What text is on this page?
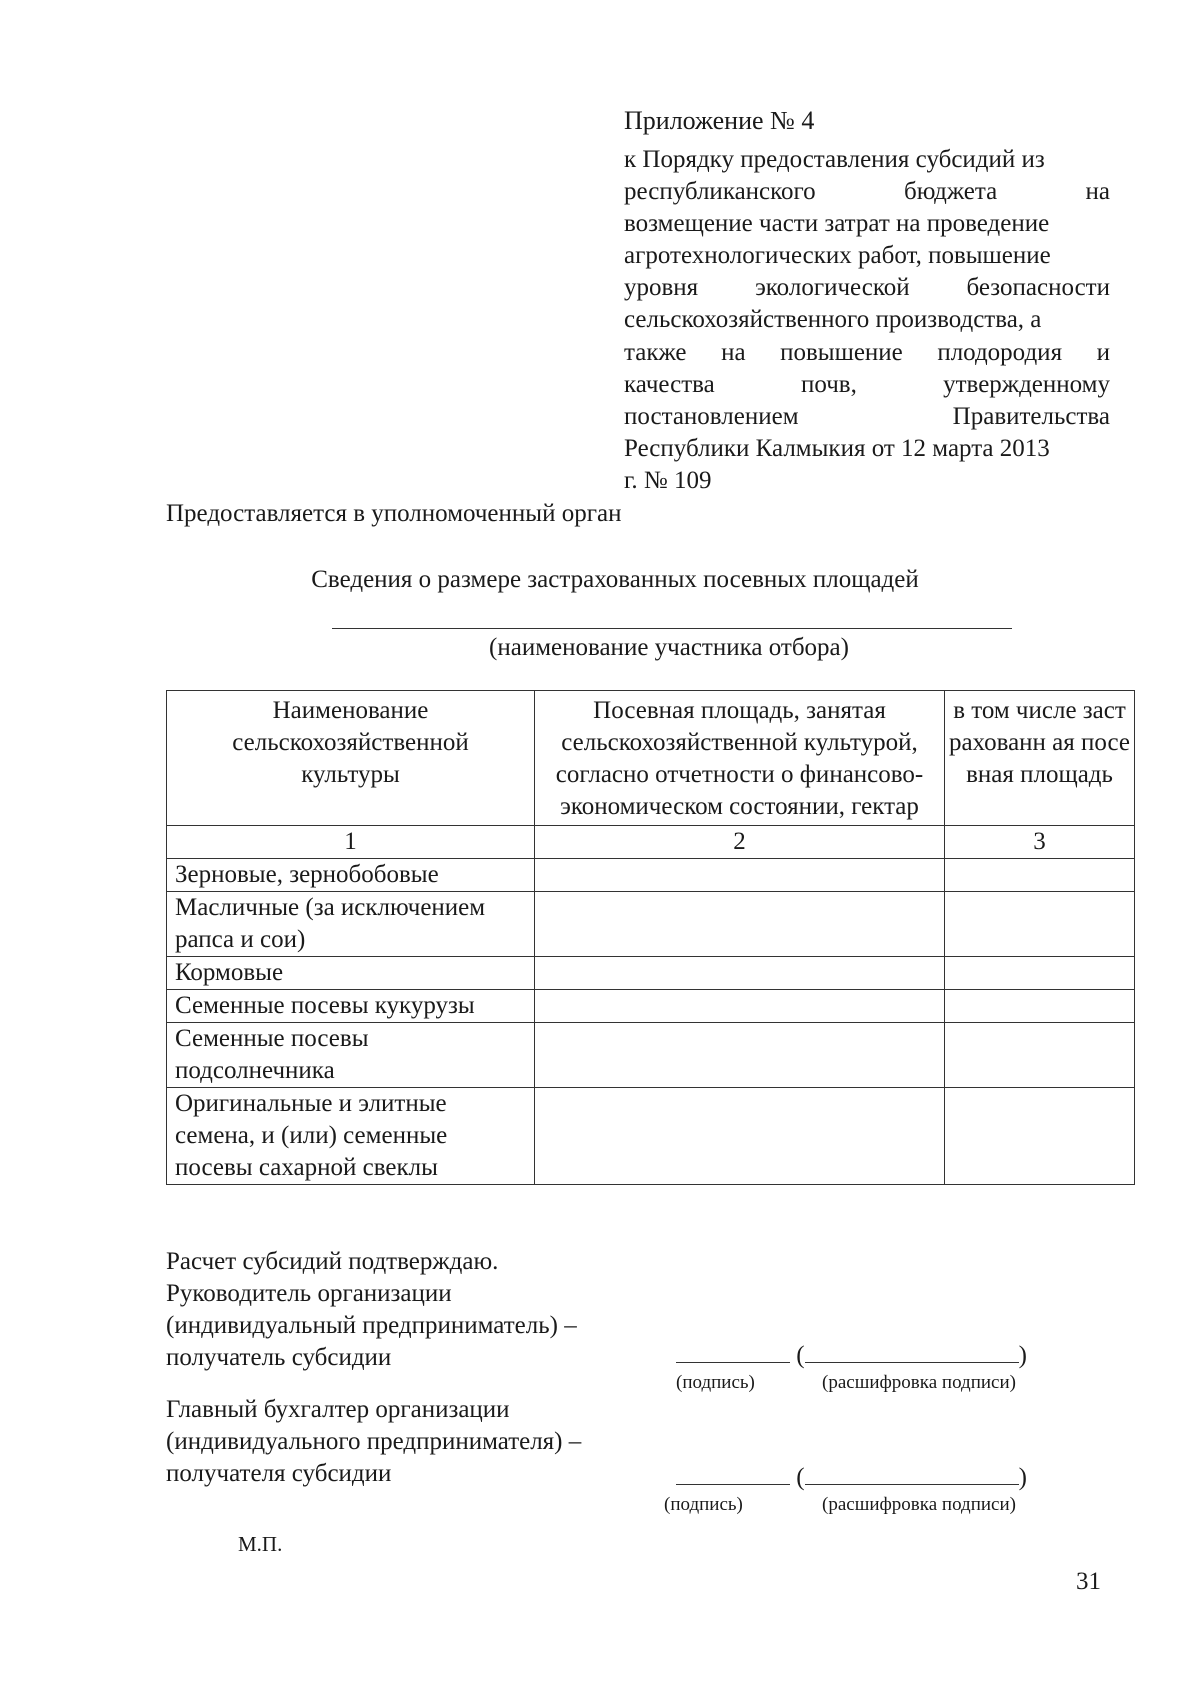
Приложение № 4
к Порядку предоставления субсидий из
республиканского бюджета на
возмещение части затрат на проведение
агротехнологических работ, повышение
уровня экологической безопасности
сельскохозяйственного производства, а
также на повышение плодородия и
качества почв, утвержденному
постановлением Правительства
Республики Калмыкия от 12 марта 2013
г. № 109
Предоставляется в уполномоченный орган
Сведения о размере застрахованных посевных площадей
(наименование участника отбора)
Наименование сельскохозяйственной культуры	Посевная площадь, занятая сельскохозяйственной культурой, согласно отчетности о финансово-экономическом состоянии, гектар	в том числе застрахованн ая посевная площадь
1	2	3
Зерновые, зернобобовые		
Масличные (за исключением рапса и сои)		
Кормовые		
Семенные посевы кукурузы		
Семенные посевы подсолнечника		
Оригинальные и элитные семена, и (или) семенные посевы сахарной свеклы		
Расчет субсидий подтверждаю.
Руководитель организации
(индивидуальный предприниматель) –
получатель субсидии	(	)
(подпись)	(расшифровка подписи)
Главный бухгалтер организации
(индивидуального предпринимателя) –
получателя субсидии	(	)
(подпись)	(расшифровка подписи)
М.П.
31
